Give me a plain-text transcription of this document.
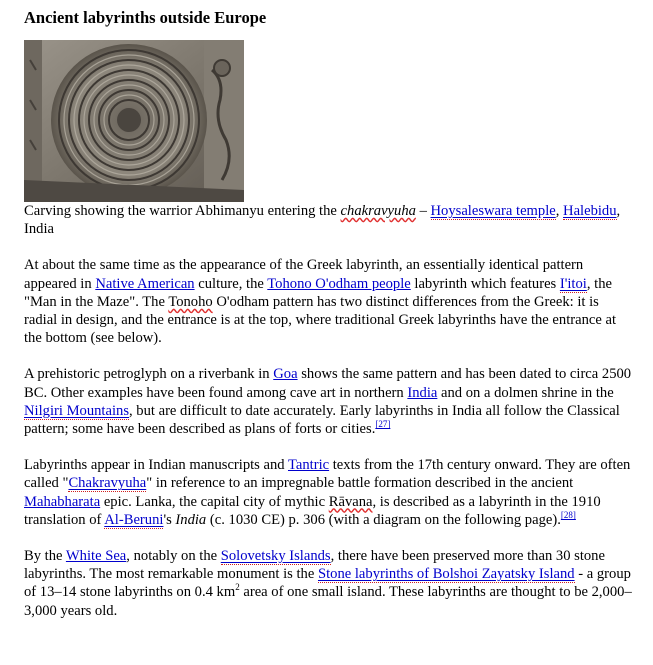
Ancient labyrinths outside Europe

Carving showing the warrior Abhimanyu entering the chakravyuha – Hoysaleswara temple, Halebidu, India

At about the same time as the appearance of the Greek labyrinth, an essentially identical pattern appeared in Native American culture, the Tohono O'odham people labyrinth which features I'itoi, the "Man in the Maze". The Tonoho O'odham pattern has two distinct differences from the Greek: it is radial in design, and the entrance is at the top, where traditional Greek labyrinths have the entrance at the bottom (see below).

A prehistoric petroglyph on a riverbank in Goa shows the same pattern and has been dated to circa 2500 BC. Other examples have been found among cave art in northern India and on a dolmen shrine in the Nilgiri Mountains, but are difficult to date accurately. Early labyrinths in India all follow the Classical pattern; some have been described as plans of forts or cities.[27]

Labyrinths appear in Indian manuscripts and Tantric texts from the 17th century onward. They are often called "Chakravyuha" in reference to an impregnable battle formation described in the ancient Mahabharata epic. Lanka, the capital city of mythic Rāvana, is described as a labyrinth in the 1910 translation of Al-Beruni's India (c. 1030 CE) p. 306 (with a diagram on the following page).[28]

By the White Sea, notably on the Solovetsky Islands, there have been preserved more than 30 stone labyrinths. The most remarkable monument is the Stone labyrinths of Bolshoi Zayatsky Island - a group of 13–14 stone labyrinths on 0.4 $km^2$ area of one small island. These labyrinths are thought to be 2,000–3,000 years old.
